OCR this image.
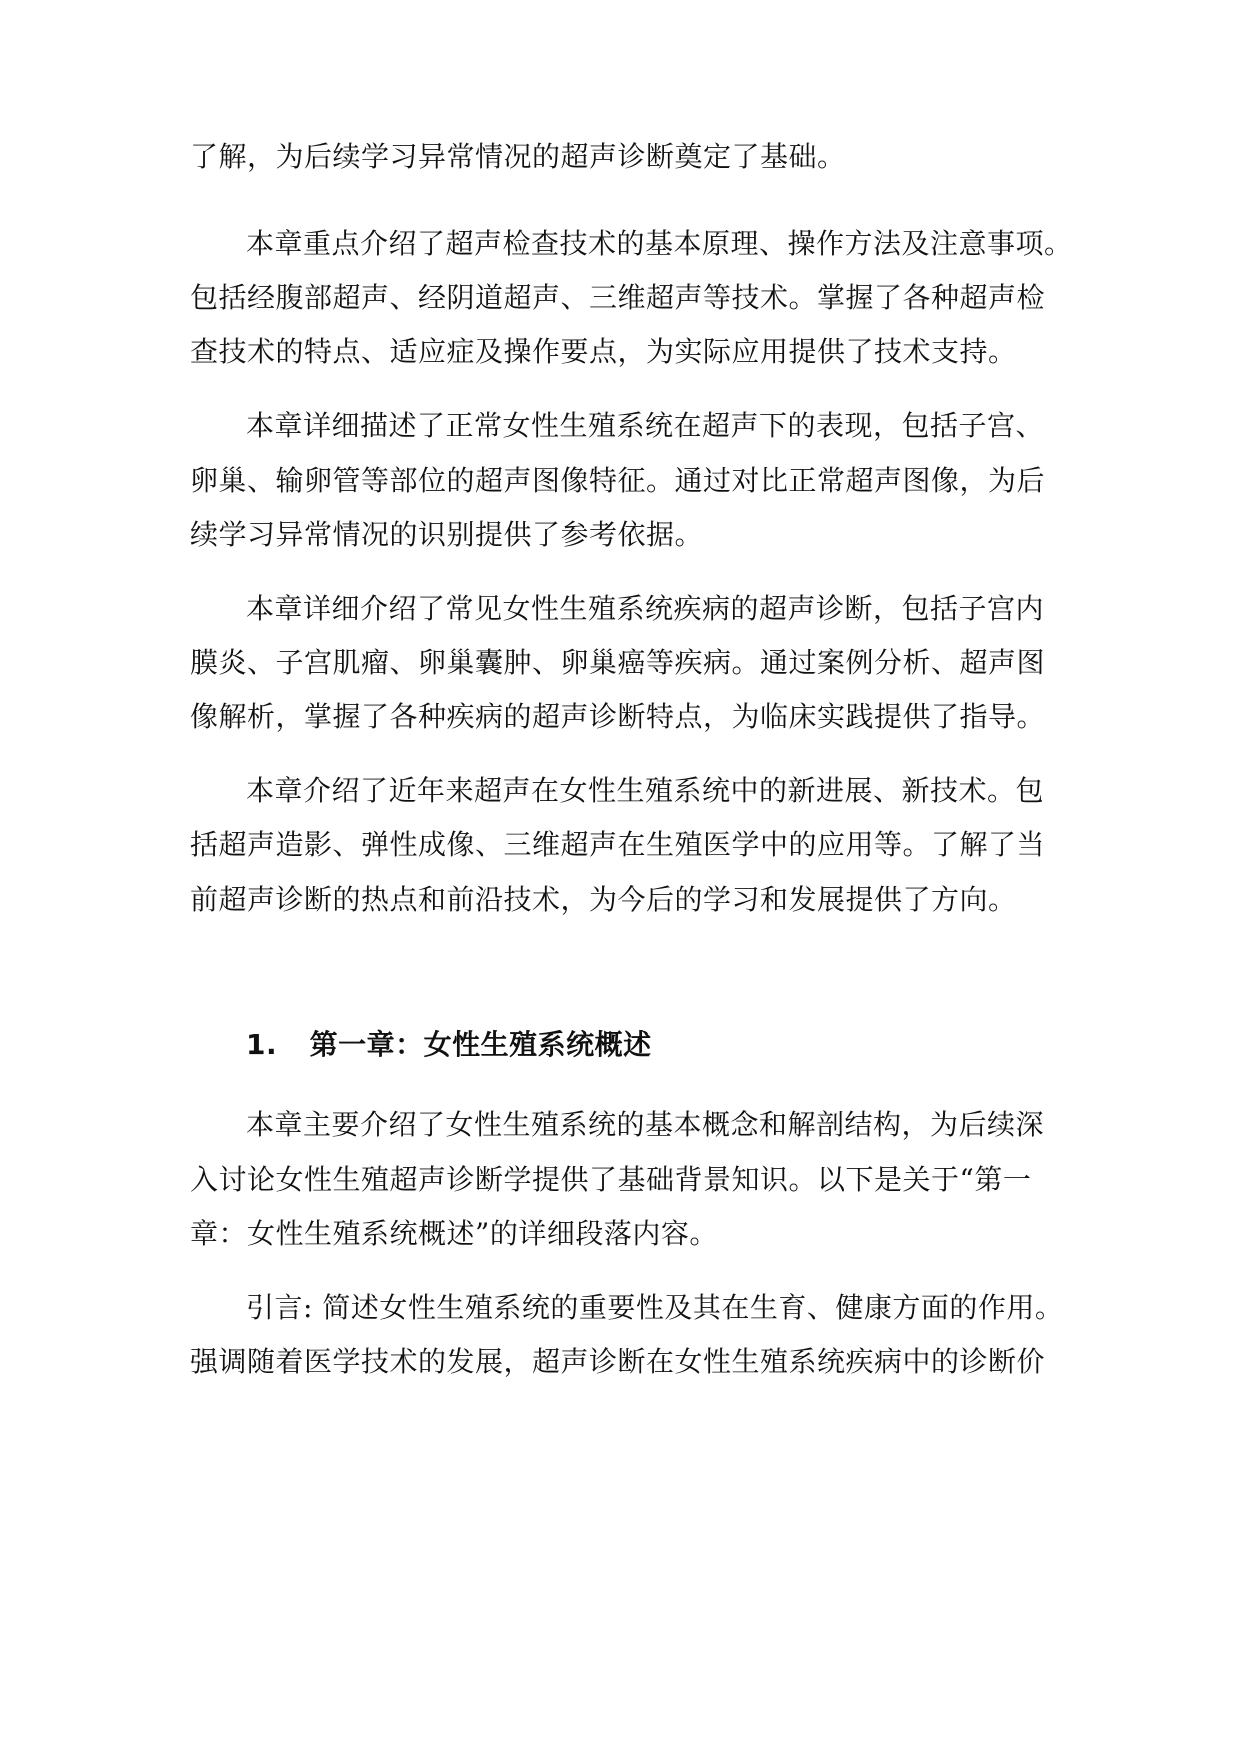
了解，为后续学习异常情况的超声诊断奠定了基础。
本章重点介绍了超声检查技术的基本原理、操作方法及注意事项。
包括经腹部超声、经阴道超声、三维超声等技术。掌握了各种超声检
查技术的特点、适应症及操作要点，为实际应用提供了技术支持。
本章详细描述了正常女性生殖系统在超声下的表现，包括子宫、
卵巢、输卵管等部位的超声图像特征。通过对比正常超声图像，为后
续学习异常情况的识别提供了参考依据。
本章详细介绍了常见女性生殖系统疾病的超声诊断，包括子宫内
膜炎、子宫肌瘤、卵巢囊肿、卵巢癌等疾病。通过案例分析、超声图
像解析，掌握了各种疾病的超声诊断特点，为临床实践提供了指导。
本章介绍了近年来超声在女性生殖系统中的新进展、新技术。包
括超声造影、弹性成像、三维超声在生殖医学中的应用等。了解了当
前超声诊断的热点和前沿技术，为今后的学习和发展提供了方向。
1. 第一章：女性生殖系统概述
本章主要介绍了女性生殖系统的基本概念和解剖结构，为后续深
入讨论女性生殖超声诊断学提供了基础背景知识。以下是关于“第一
章：女性生殖系统概述”的详细段落内容。
引言: 简述女性生殖系统的重要性及其在生育、健康方面的作用。
强调随着医学技术的发展，超声诊断在女性生殖系统疾病中的诊断价
